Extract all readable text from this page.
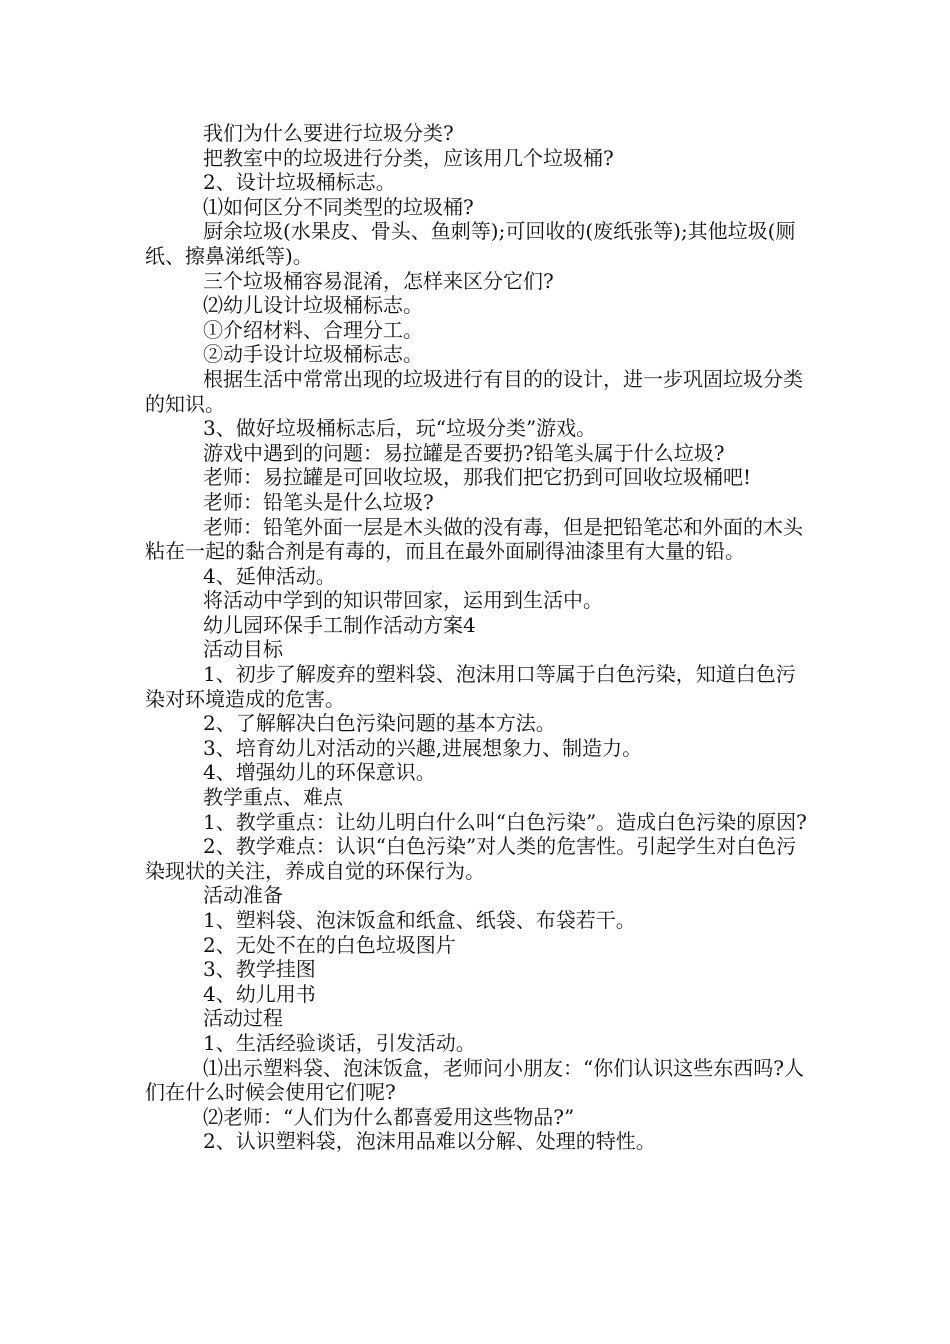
我们为什么要进行垃圾分类?

把教室中的垃圾进行分类，应该用几个垃圾桶?

2、设计垃圾桶标志。

⑴如何区分不同类型的垃圾桶?

厨余垃圾(水果皮、骨头、鱼刺等);可回收的(废纸张等);其他垃圾(厕纸、擦鼻涕纸等)。

三个垃圾桶容易混淆，怎样来区分它们?

⑵幼儿设计垃圾桶标志。

①介绍材料、合理分工。

②动手设计垃圾桶标志。

根据生活中常常出现的垃圾进行有目的的设计，进一步巩固垃圾分类的知识。

3、做好垃圾桶标志后，玩“垃圾分类”游戏。

游戏中遇到的问题：易拉罐是否要扔?铅笔头属于什么垃圾?

老师：易拉罐是可回收垃圾，那我们把它扔到可回收垃圾桶吧!

老师：铅笔头是什么垃圾?

老师：铅笔外面一层是木头做的没有毒，但是把铅笔芯和外面的木头粘在一起的黏合剂是有毒的，而且在最外面刷得油漆里有大量的铅。

4、延伸活动。

将活动中学到的知识带回家，运用到生活中。

幼儿园环保手工制作活动方案4

活动目标

1、初步了解废弃的塑料袋、泡沫用口等属于白色污染，知道白色污染对环境造成的危害。

2、了解解决白色污染问题的基本方法。

3、培育幼儿对活动的兴趣,进展想象力、制造力。

4、增强幼儿的环保意识。

教学重点、难点

1、教学重点：让幼儿明白什么叫“白色污染”。造成白色污染的原因?

2、教学难点：认识“白色污染”对人类的危害性。引起学生对白色污染现状的关注，养成自觉的环保行为。

活动准备

1、塑料袋、泡沫饭盒和纸盒、纸袋、布袋若干。

2、无处不在的白色垃圾图片

3、教学挂图

4、幼儿用书

活动过程

1、生活经验谈话，引发活动。

⑴出示塑料袋、泡沫饭盒，老师问小朋友：“你们认识这些东西吗?人们在什么时候会使用它们呢?

⑵老师：“人们为什么都喜爱用这些物品?”

2、认识塑料袋，泡沫用品难以分解、处理的特性。
